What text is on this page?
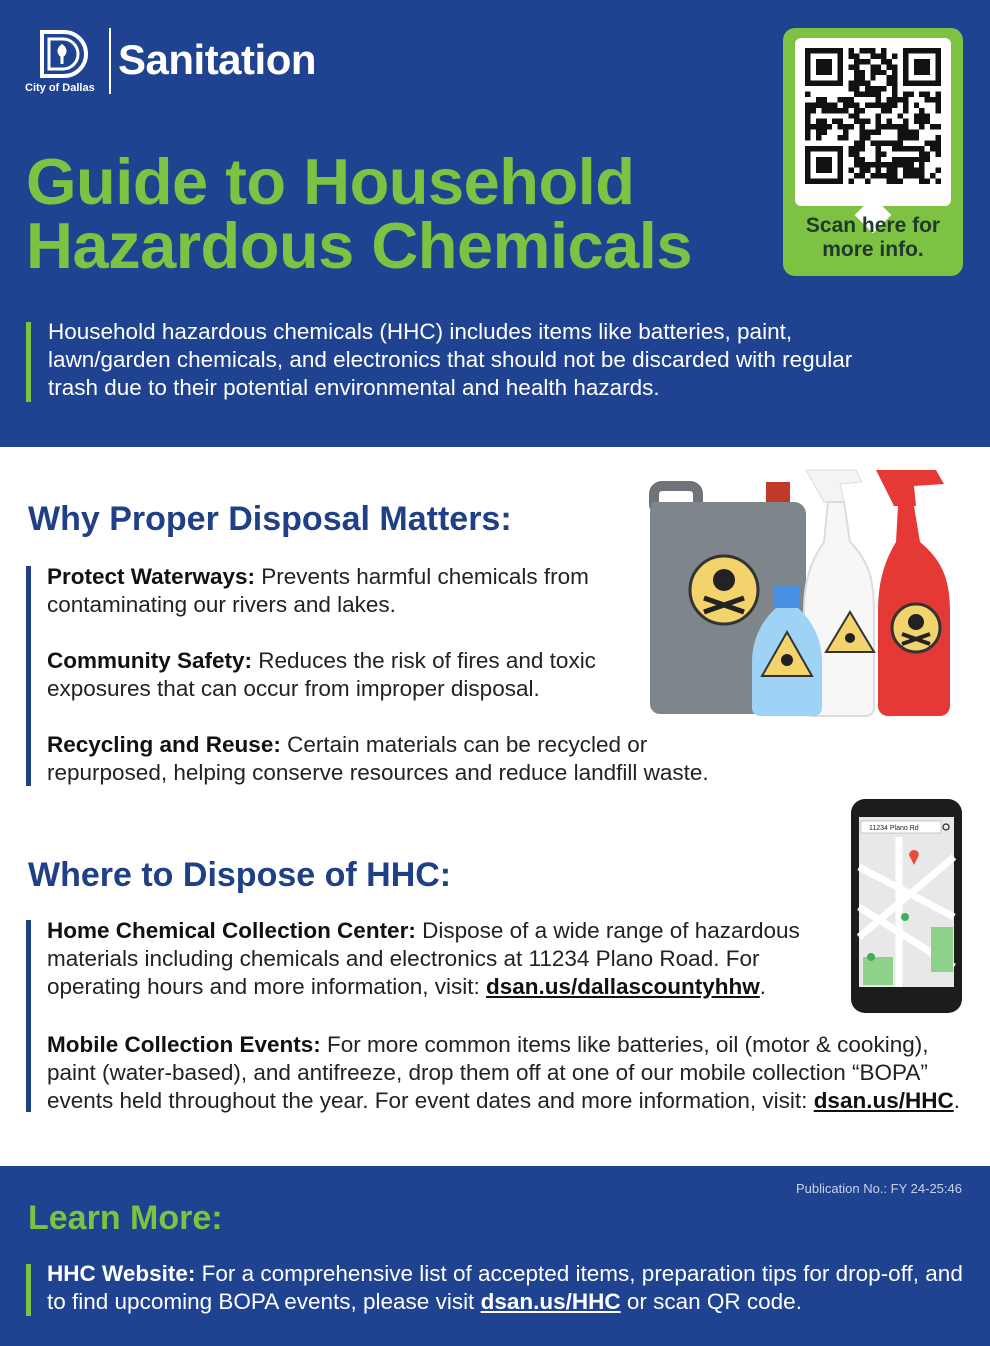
City of Dallas
Sanitation
Guide to Household
Hazardous Chemicals	Scan here for
more info.
Household hazardous chemicals (HHC) includes items like batteries, paint, lawn/garden chemicals, and electronics that should not be discarded with regular trash due to their potential environmental and health hazards.
Why Proper Disposal Matters:
Protect Waterways: Prevents harmful chemicals from contaminating our rivers and lakes.
Community Safety: Reduces the risk of fires and toxic exposures that can occur from improper disposal.
Recycling and Reuse: Certain materials can be recycled or repurposed, helping conserve resources and reduce landfill waste.
Where to Dispose of HHC:
Home Chemical Collection Center: Dispose of a wide range of hazardous materials including chemicals and electronics at 11234 Plano Road. For operating hours and more information, visit: dsan.us/dallascountyhhw.
Mobile Collection Events: For more common items like batteries, oil (motor & cooking), paint (water-based), and antifreeze, drop them off at one of our mobile collection “BOPA” events held throughout the year. For event dates and more information, visit: dsan.us/HHC.
11234 Plano Rd
Publication No.: FY 24-25:46
Learn More:
HHC Website: For a comprehensive list of accepted items, preparation tips for drop-off, and to find upcoming BOPA events, please visit dsan.us/HHC or scan QR code.
